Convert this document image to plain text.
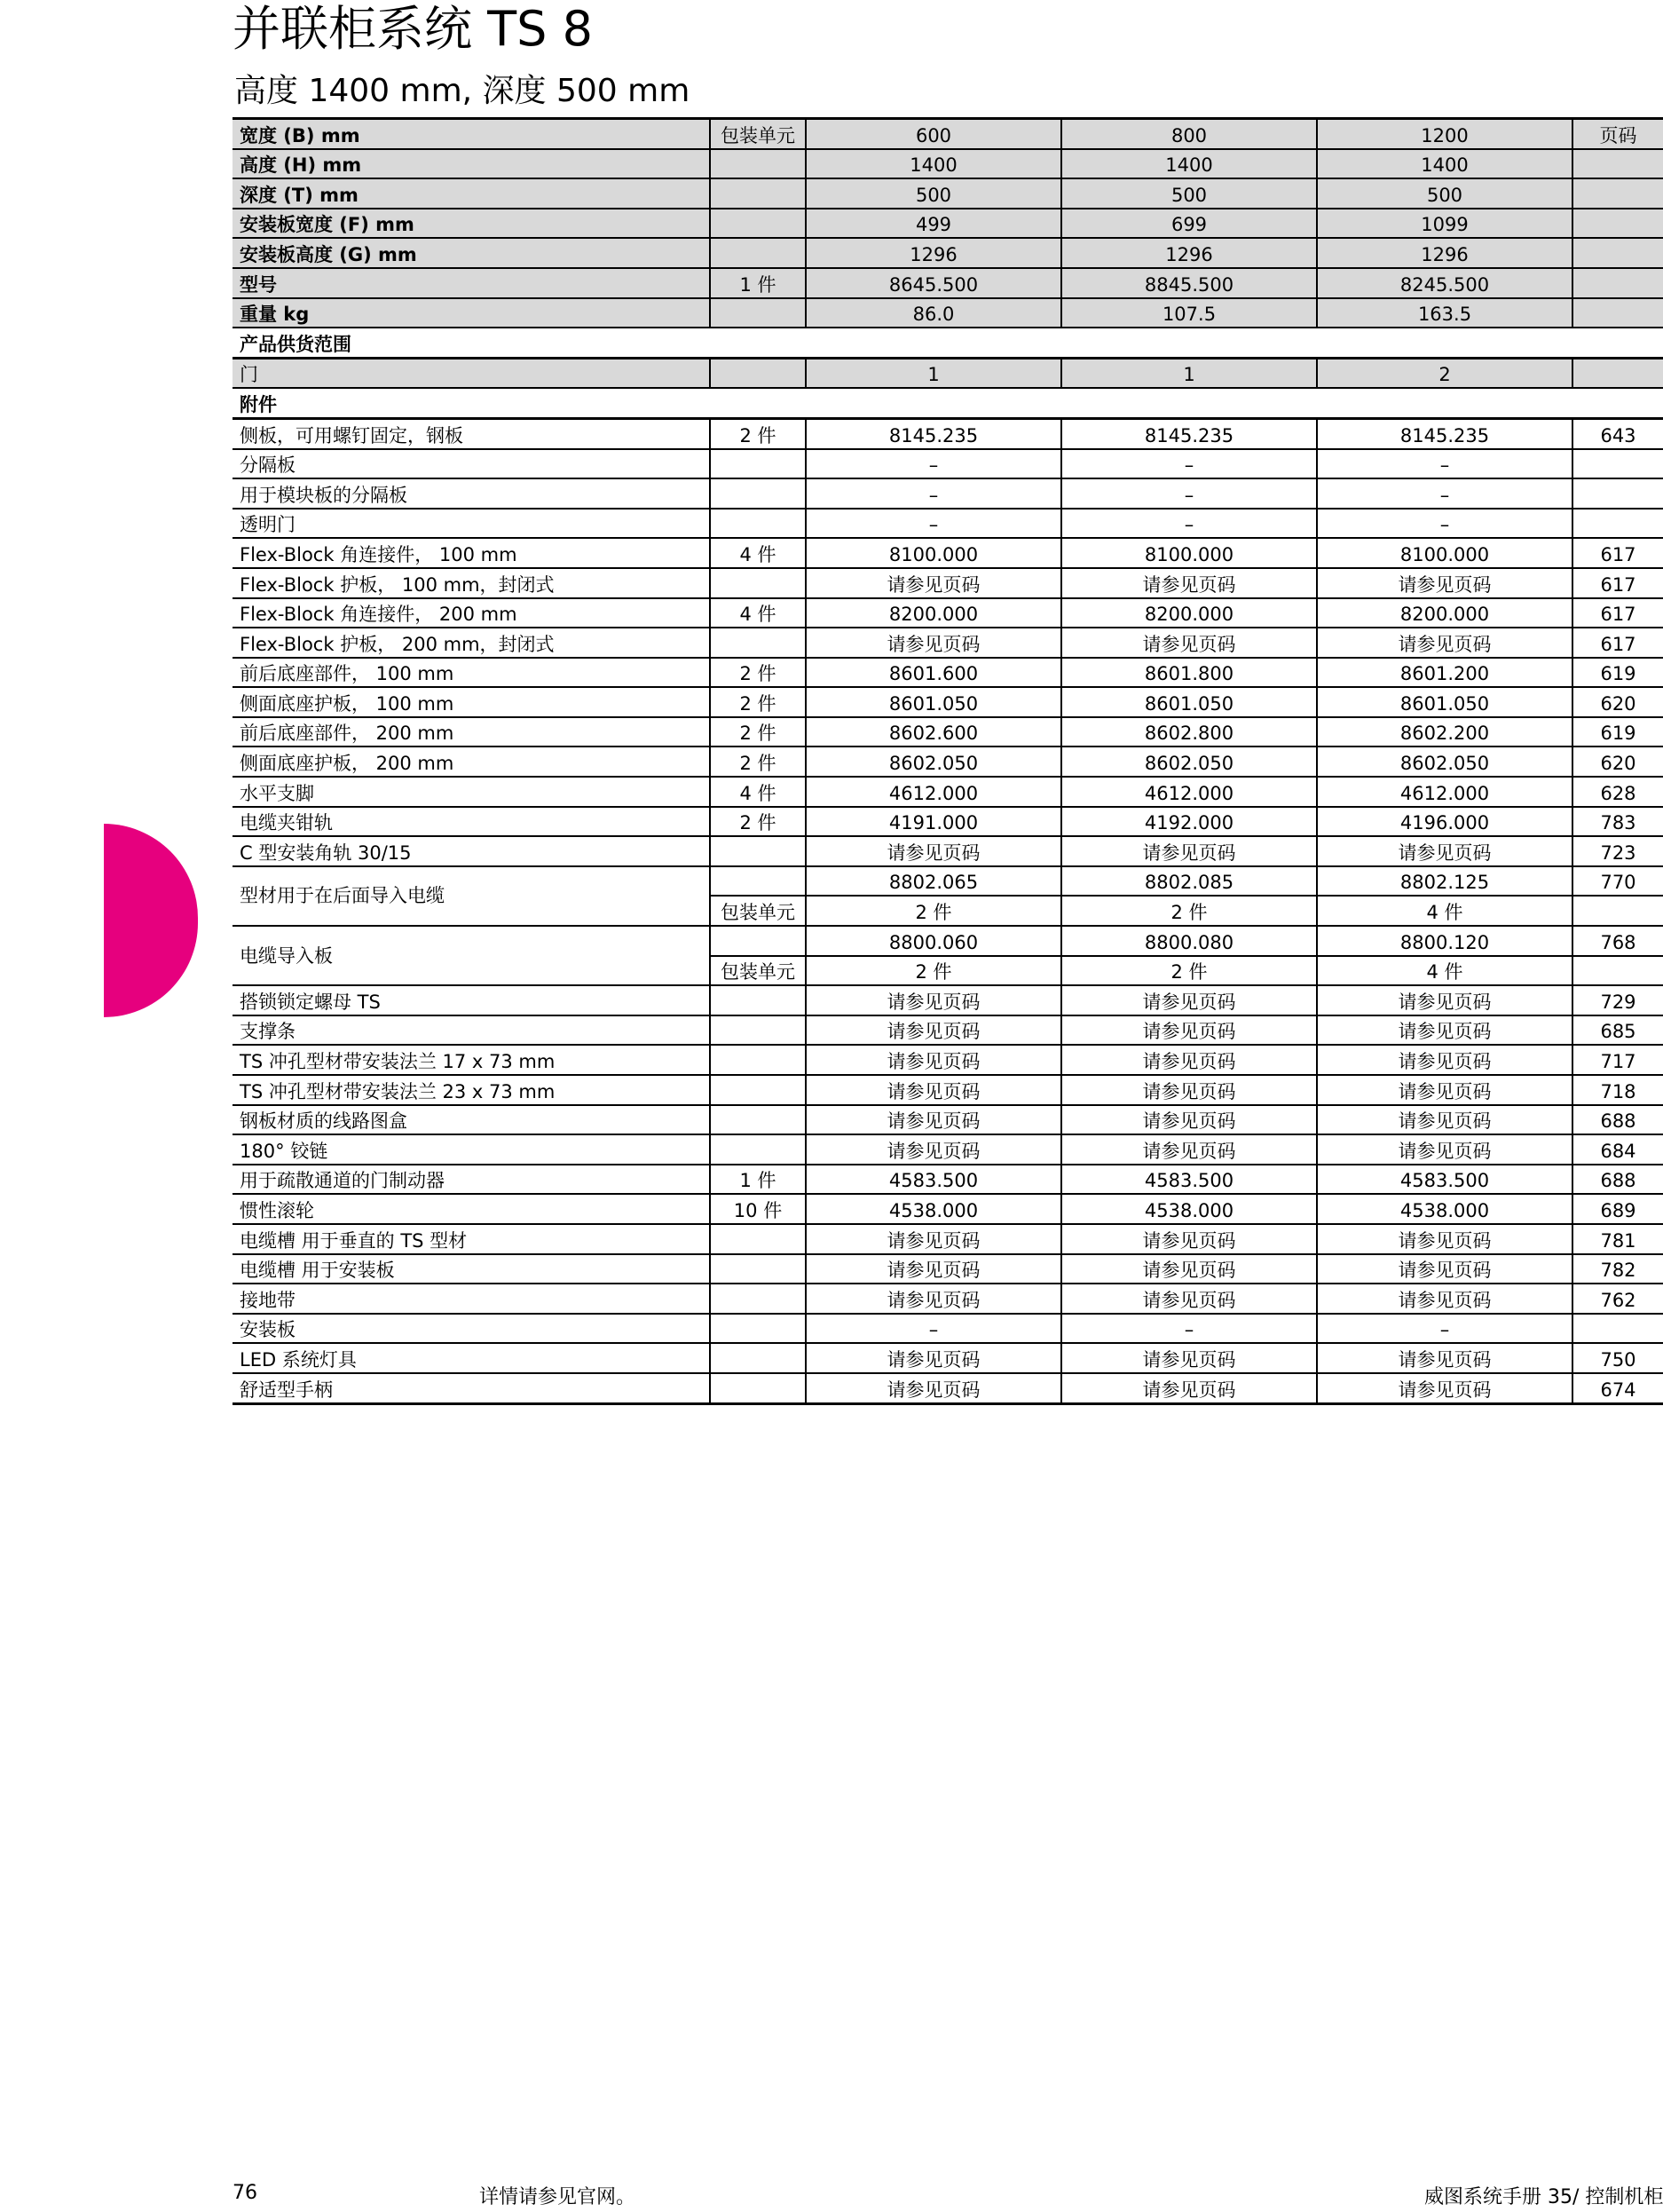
并联柜系统 TS 8
高度 1400 mm, 深度 500 mm
宽度 (B) mm	包装单元	600	800	1200	页码
高度 (H) mm		1400	1400	1400	
深度 (T) mm		500	500	500	
安装板宽度 (F) mm		499	699	1099	
安装板高度 (G) mm		1296	1296	1296	
型号	1 件	8645.500	8845.500	8245.500	
重量 kg		86.0	107.5	163.5	
产品供货范围					
门		1	1	2	
附件					
侧板，可用螺钉固定，钢板	2 件	8145.235	8145.235	8145.235	643
分隔板		–	–	–	
用于模块板的分隔板		–	–	–	
透明门		–	–	–	
Flex-Block 角连接件， 100 mm	4 件	8100.000	8100.000	8100.000	617
Flex-Block 护板， 100 mm，封闭式		请参见页码	请参见页码	请参见页码	617
Flex-Block 角连接件， 200 mm	4 件	8200.000	8200.000	8200.000	617
Flex-Block 护板， 200 mm，封闭式		请参见页码	请参见页码	请参见页码	617
前后底座部件， 100 mm	2 件	8601.600	8601.800	8601.200	619
侧面底座护板， 100 mm	2 件	8601.050	8601.050	8601.050	620
前后底座部件， 200 mm	2 件	8602.600	8602.800	8602.200	619
侧面底座护板， 200 mm	2 件	8602.050	8602.050	8602.050	620
水平支脚	4 件	4612.000	4612.000	4612.000	628
电缆夹钳轨	2 件	4191.000	4192.000	4196.000	783
C 型安装角轨 30/15		请参见页码	请参见页码	请参见页码	723
型材用于在后面导入电缆		8802.065	8802.085	8802.125	770
	包装单元	2 件	2 件	4 件	
电缆导入板		8800.060	8800.080	8800.120	768
	包装单元	2 件	2 件	4 件	
搭锁锁定螺母 TS		请参见页码	请参见页码	请参见页码	729
支撑条		请参见页码	请参见页码	请参见页码	685
TS 冲孔型材带安装法兰 17 x 73 mm		请参见页码	请参见页码	请参见页码	717
TS 冲孔型材带安装法兰 23 x 73 mm		请参见页码	请参见页码	请参见页码	718
钢板材质的线路图盒		请参见页码	请参见页码	请参见页码	688
180° 铰链		请参见页码	请参见页码	请参见页码	684
用于疏散通道的门制动器	1 件	4583.500	4583.500	4583.500	688
惯性滚轮	10 件	4538.000	4538.000	4538.000	689
电缆槽 用于垂直的 TS 型材		请参见页码	请参见页码	请参见页码	781
电缆槽 用于安装板		请参见页码	请参见页码	请参见页码	782
接地带		请参见页码	请参见页码	请参见页码	762
安装板		–	–	–	
LED 系统灯具		请参见页码	请参见页码	请参见页码	750
舒适型手柄		请参见页码	请参见页码	请参见页码	674
76	详情请参见官网。	威图系统手册 35/ 控制机柜
